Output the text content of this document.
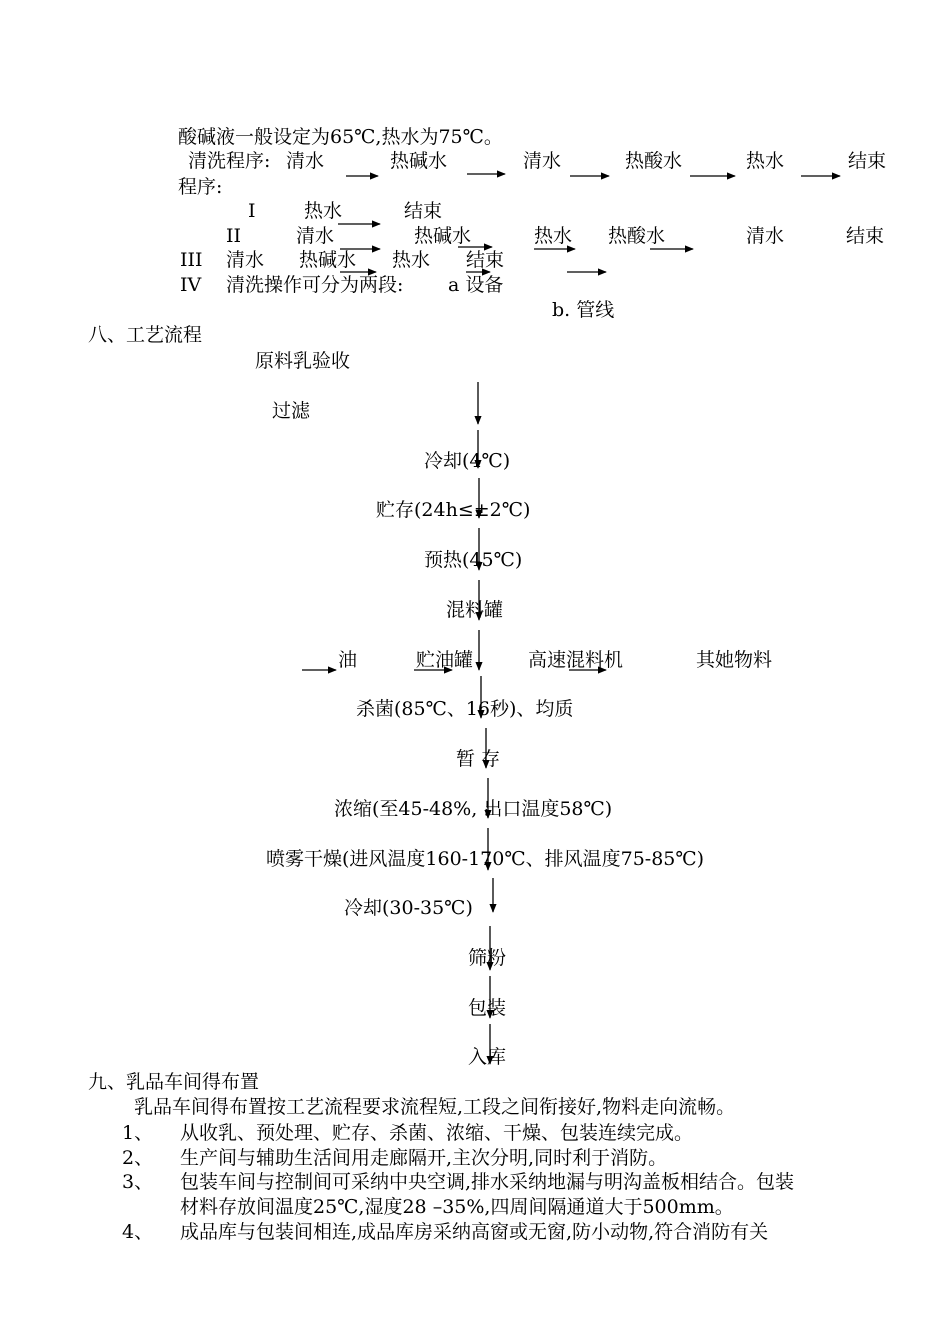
酸碱液一般设定为65℃,热水为75℃。
清洗程序: 清水	热碱水	清水	热酸水	热水	结束
程序:
I	热水	结束
II	清水	热碱水	热水 热酸水	清水	结束
III 清水 热碱水 热水 结束
IV 清洗操作可分为两段: a 设备
b. 管线
八、工艺流程
原料乳验收
过滤
冷却(4℃)
贮存(24h≤±2℃)
预热(45℃)
混料罐
油	贮油罐	高速混料机	其她物料
杀菌(85℃、16秒)、均质
暂 存
浓缩(至45-48%, 出口温度58℃)
喷雾干燥(进风温度160-170℃、排风温度75-85℃)
冷却(30-35℃)
筛粉
包装
入库
九、乳品车间得布置
乳品车间得布置按工艺流程要求流程短,工段之间衔接好,物料走向流畅。
1、 从收乳、预处理、贮存、杀菌、浓缩、干燥、包装连续完成。
2、 生产间与辅助生活间用走廊隔开,主次分明,同时利于消防。
3、 包装车间与控制间可采纳中央空调,排水采纳地漏与明沟盖板相结合。包装
材料存放间温度25℃,湿度28 –35%,四周间隔通道大于500mm。
4、 成品库与包装间相连,成品库房采纳高窗或无窗,防小动物,符合消防有关
